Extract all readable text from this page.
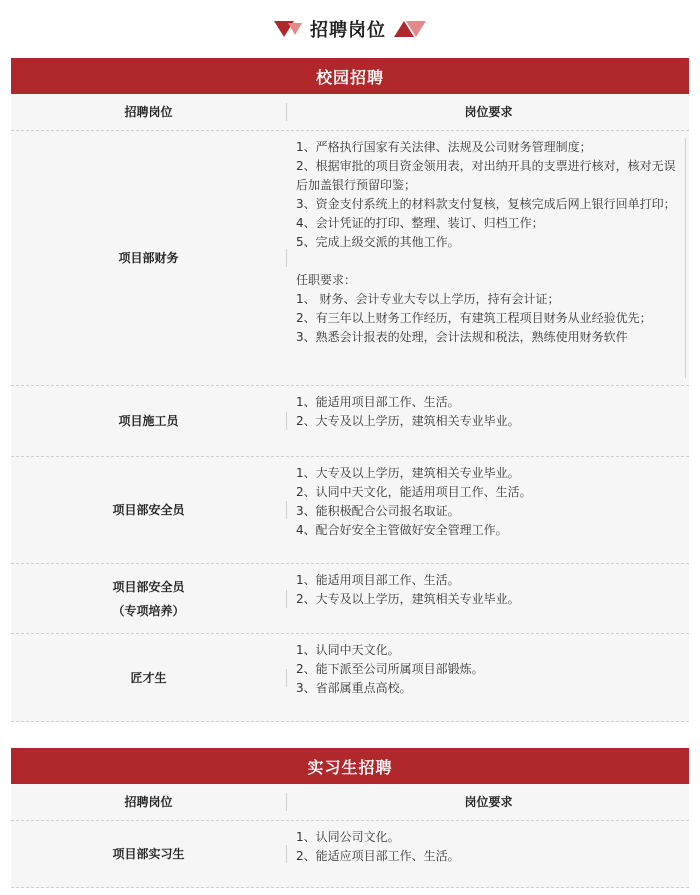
招聘岗位
校园招聘
招聘岗位	岗位要求
项目部财务
1、严格执行国家有关法律、法规及公司财务管理制度；
2、根据审批的项目资金领用表，对出纳开具的支票进行核对，核对无误后加盖银行预留印鉴；
3、资金支付系统上的材料款支付复核，复核完成后网上银行回单打印；
4、会计凭证的打印、整理、装订、归档工作；
5、完成上级交派的其他工作。
任职要求：
1、 财务、会计专业大专以上学历，持有会计证；
2、有三年以上财务工作经历，有建筑工程项目财务从业经验优先；
3、熟悉会计报表的处理，会计法规和税法，熟练使用财务软件
项目施工员
1、能适用项目部工作、生活。
2、大专及以上学历，建筑相关专业毕业。
项目部安全员
1、大专及以上学历，建筑相关专业毕业。
2、认同中天文化，能适用项目工作、生活。
3、能积极配合公司报名取证。
4、配合好安全主管做好安全管理工作。
项目部安全员
（专项培养）
1、能适用项目部工作、生活。
2、大专及以上学历，建筑相关专业毕业。
匠才生
1、认同中天文化。
2、能下派至公司所属项目部锻炼。
3、省部属重点高校。
实习生招聘
招聘岗位	岗位要求
项目部实习生
1、认同公司文化。
2、能适应项目部工作、生活。
